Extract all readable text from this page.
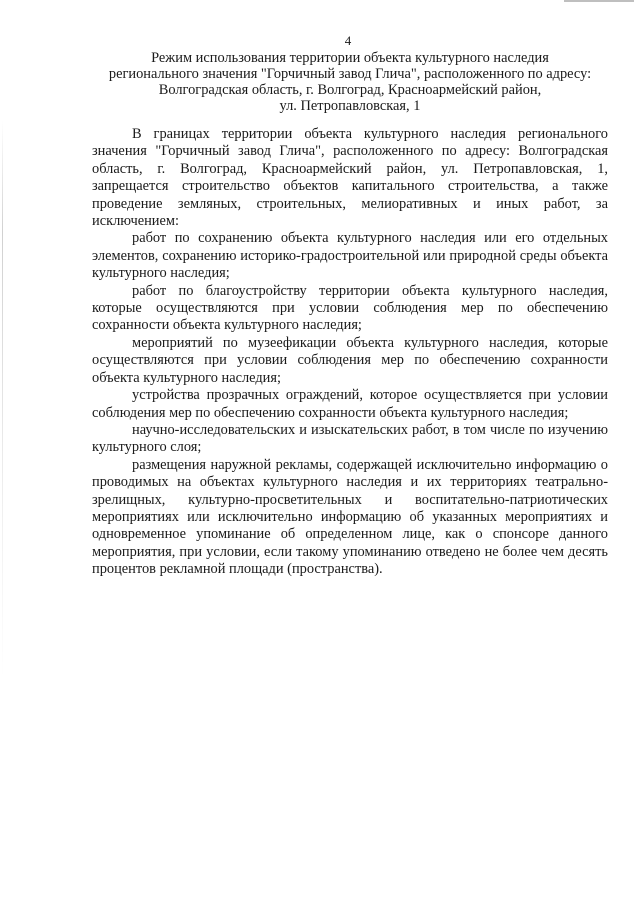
4
Режим использования территории объекта культурного наследия
регионального значения "Горчичный завод Глича", расположенного по адресу:
Волгоградская область, г. Волгоград, Красноармейский район,
ул. Петропавловская, 1

В границах территории объекта культурного наследия регионального значения "Горчичный завод Глича", расположенного по адресу: Волгоградская область, г. Волгоград, Красноармейский район, ул. Петропавловская, 1, запрещается строительство объектов капитального строительства, а также проведение земляных, строительных, мелиоративных и иных работ, за исключением:

работ по сохранению объекта культурного наследия или его отдельных элементов, сохранению историко-градостроительной или природной среды объекта культурного наследия;

работ по благоустройству территории объекта культурного наследия, которые осуществляются при условии соблюдения мер по обеспечению сохранности объекта культурного наследия;

мероприятий по музеефикации объекта культурного наследия, которые осуществляются при условии соблюдения мер по обеспечению сохранности объекта культурного наследия;

устройства прозрачных ограждений, которое осуществляется при условии соблюдения мер по обеспечению сохранности объекта культурного наследия;

научно-исследовательских и изыскательских работ, в том числе по изучению культурного слоя;

размещения наружной рекламы, содержащей исключительно информацию о проводимых на объектах культурного наследия и их территориях театрально-зрелищных, культурно-просветительных и воспитательно-патриотических мероприятиях или исключительно информацию об указанных мероприятиях и одновременное упоминание об определенном лице, как о спонсоре данного мероприятия, при условии, если такому упоминанию отведено не более чем десять процентов рекламной площади (пространства).
